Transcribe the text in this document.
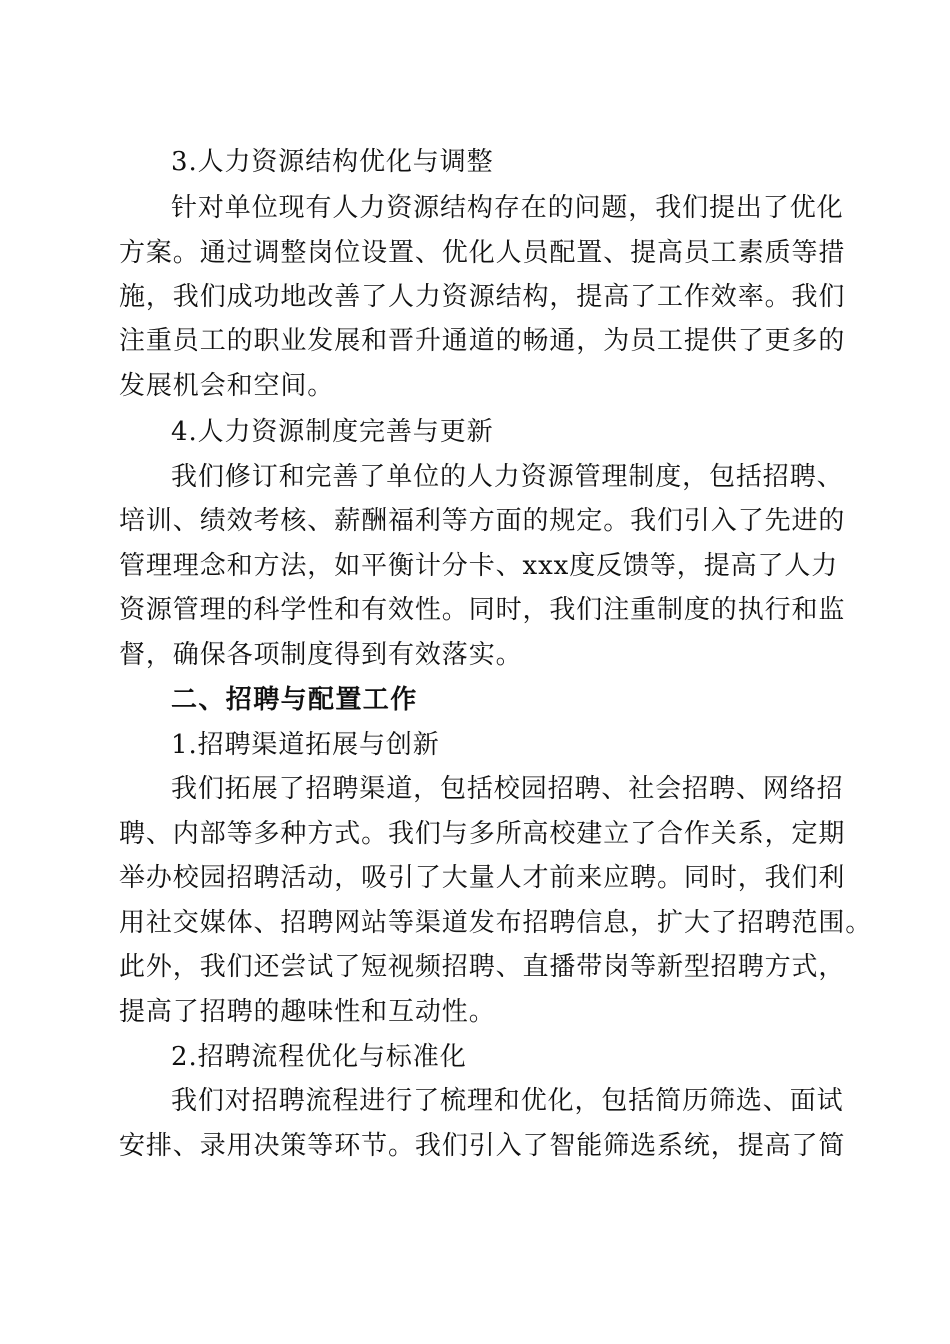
3.人力资源结构优化与调整
针对单位现有人力资源结构存在的问题，我们提出了优化
方案。通过调整岗位设置、优化人员配置、提高员工素质等措
施，我们成功地改善了人力资源结构，提高了工作效率。我们
注重员工的职业发展和晋升通道的畅通，为员工提供了更多的
发展机会和空间。
4.人力资源制度完善与更新
我们修订和完善了单位的人力资源管理制度，包括招聘、
培训、绩效考核、薪酬福利等方面的规定。我们引入了先进的
管理理念和方法，如平衡计分卡、xxx度反馈等，提高了人力
资源管理的科学性和有效性。同时，我们注重制度的执行和监
督，确保各项制度得到有效落实。
二、招聘与配置工作
1.招聘渠道拓展与创新
我们拓展了招聘渠道，包括校园招聘、社会招聘、网络招
聘、内部等多种方式。我们与多所高校建立了合作关系，定期
举办校园招聘活动，吸引了大量人才前来应聘。同时，我们利
用社交媒体、招聘网站等渠道发布招聘信息，扩大了招聘范围。
此外，我们还尝试了短视频招聘、直播带岗等新型招聘方式，
提高了招聘的趣味性和互动性。
2.招聘流程优化与标准化
我们对招聘流程进行了梳理和优化，包括简历筛选、面试
安排、录用决策等环节。我们引入了智能筛选系统，提高了简
